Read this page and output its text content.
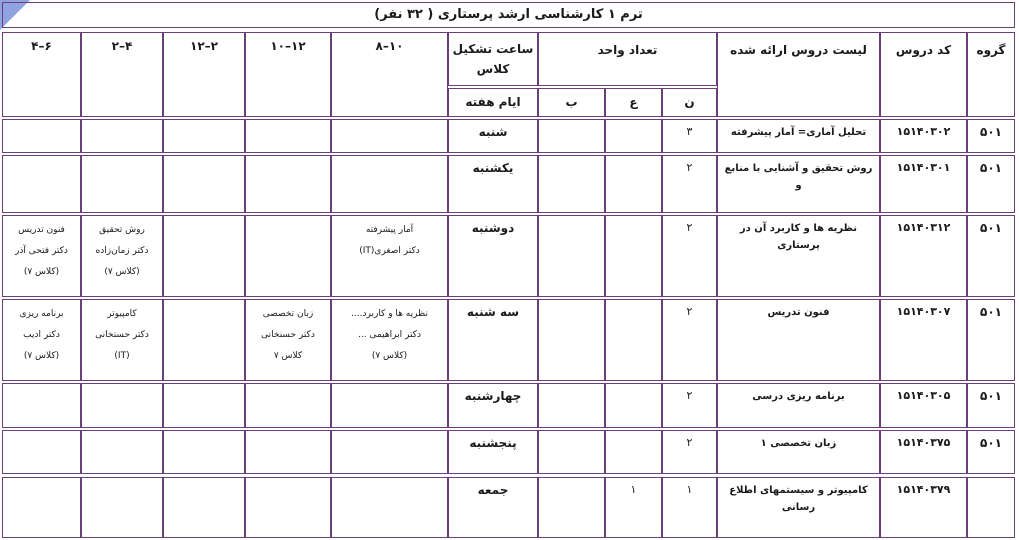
ترم ۱ کارشناسی ارشد پرستاری ( ۳۲ نفر)
گروه
کد دروس
لیست دروس ارائه شده
تعداد واحد
ن
ع
ب
ساعت تشکیل کلاس
ایام هفته
۱۰–۸
۱۲–۱۰
۲–۱۲
۴–۲
۶–۴
۵۰۱
۱۵۱۴۰۳۰۲
تحلیل آماری= آمار پیشرفته
۳
شنبه
۵۰۱
۱۵۱۴۰۳۰۱
روش تحقیق و آشنایی با منابع و
۲
یکشنبه
۵۰۱
۱۵۱۴۰۳۱۲
نظریه ها و کاربرد آن در پرستاری
۲
دوشنبه
آمار پیشرفته
دکتر اصغری(IT)
روش تحقیق
دکتر زمان‌زاده
(کلاس ۷)
فنون تدریس
دکتر فتحی آذر
(کلاس ۷)
۵۰۱
۱۵۱۴۰۳۰۷
فنون تدریس
۲
سه شنبه
نظریه ها و کاربرد....
دکتر ابراهیمی ...
(کلاس ۷)
زبان تخصصی
دکتر حسنخانی
کلاس ۷
کامپیوتر
دکتر حسنخانی
(IT)
برنامه ریزی
دکتر ادیب
(کلاس ۷)
۵۰۱
۱۵۱۴۰۳۰۵
برنامه ریزی درسی
۲
چهارشنبه
۵۰۱
۱۵۱۴۰۳۷۵
زبان تخصصی ۱
۲
پنجشنبه
۱۵۱۴۰۳۷۹
کامپیوتر و سیستمهای اطلاع رسانی
۱
۱
جمعه
